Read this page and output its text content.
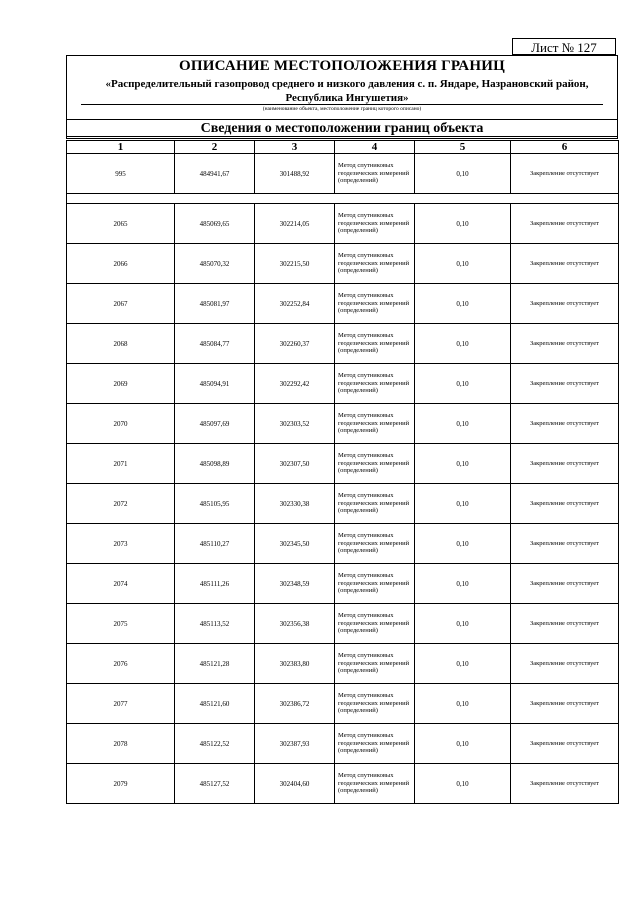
Лист № 127
ОПИСАНИЕ МЕСТОПОЛОЖЕНИЯ ГРАНИЦ
«Распределительный газопровод среднего и низкого давления с. п. Яндаре, Назрановский район, Республика Ингушетия»
(наименование объекта, местоположение границ которого описано)
Сведения о местоположении границ объекта
1	2	3	4	5	6
995	484941,67	301488,92	Метод спутниковых геодезических измерений (определений)	0,10	Закрепление отсутствует

2065	485069,65	302214,05	Метод спутниковых геодезических измерений (определений)	0,10	Закрепление отсутствует
2066	485070,32	302215,50	Метод спутниковых геодезических измерений (определений)	0,10	Закрепление отсутствует
2067	485081,97	302252,84	Метод спутниковых геодезических измерений (определений)	0,10	Закрепление отсутствует
2068	485084,77	302260,37	Метод спутниковых геодезических измерений (определений)	0,10	Закрепление отсутствует
2069	485094,91	302292,42	Метод спутниковых геодезических измерений (определений)	0,10	Закрепление отсутствует
2070	485097,69	302303,52	Метод спутниковых геодезических измерений (определений)	0,10	Закрепление отсутствует
2071	485098,89	302307,50	Метод спутниковых геодезических измерений (определений)	0,10	Закрепление отсутствует
2072	485105,95	302330,38	Метод спутниковых геодезических измерений (определений)	0,10	Закрепление отсутствует
2073	485110,27	302345,50	Метод спутниковых геодезических измерений (определений)	0,10	Закрепление отсутствует
2074	485111,26	302348,59	Метод спутниковых геодезических измерений (определений)	0,10	Закрепление отсутствует
2075	485113,52	302356,38	Метод спутниковых геодезических измерений (определений)	0,10	Закрепление отсутствует
2076	485121,28	302383,80	Метод спутниковых геодезических измерений (определений)	0,10	Закрепление отсутствует
2077	485121,60	302386,72	Метод спутниковых геодезических измерений (определений)	0,10	Закрепление отсутствует
2078	485122,52	302387,93	Метод спутниковых геодезических измерений (определений)	0,10	Закрепление отсутствует
2079	485127,52	302404,60	Метод спутниковых геодезических измерений (определений)	0,10	Закрепление отсутствует
